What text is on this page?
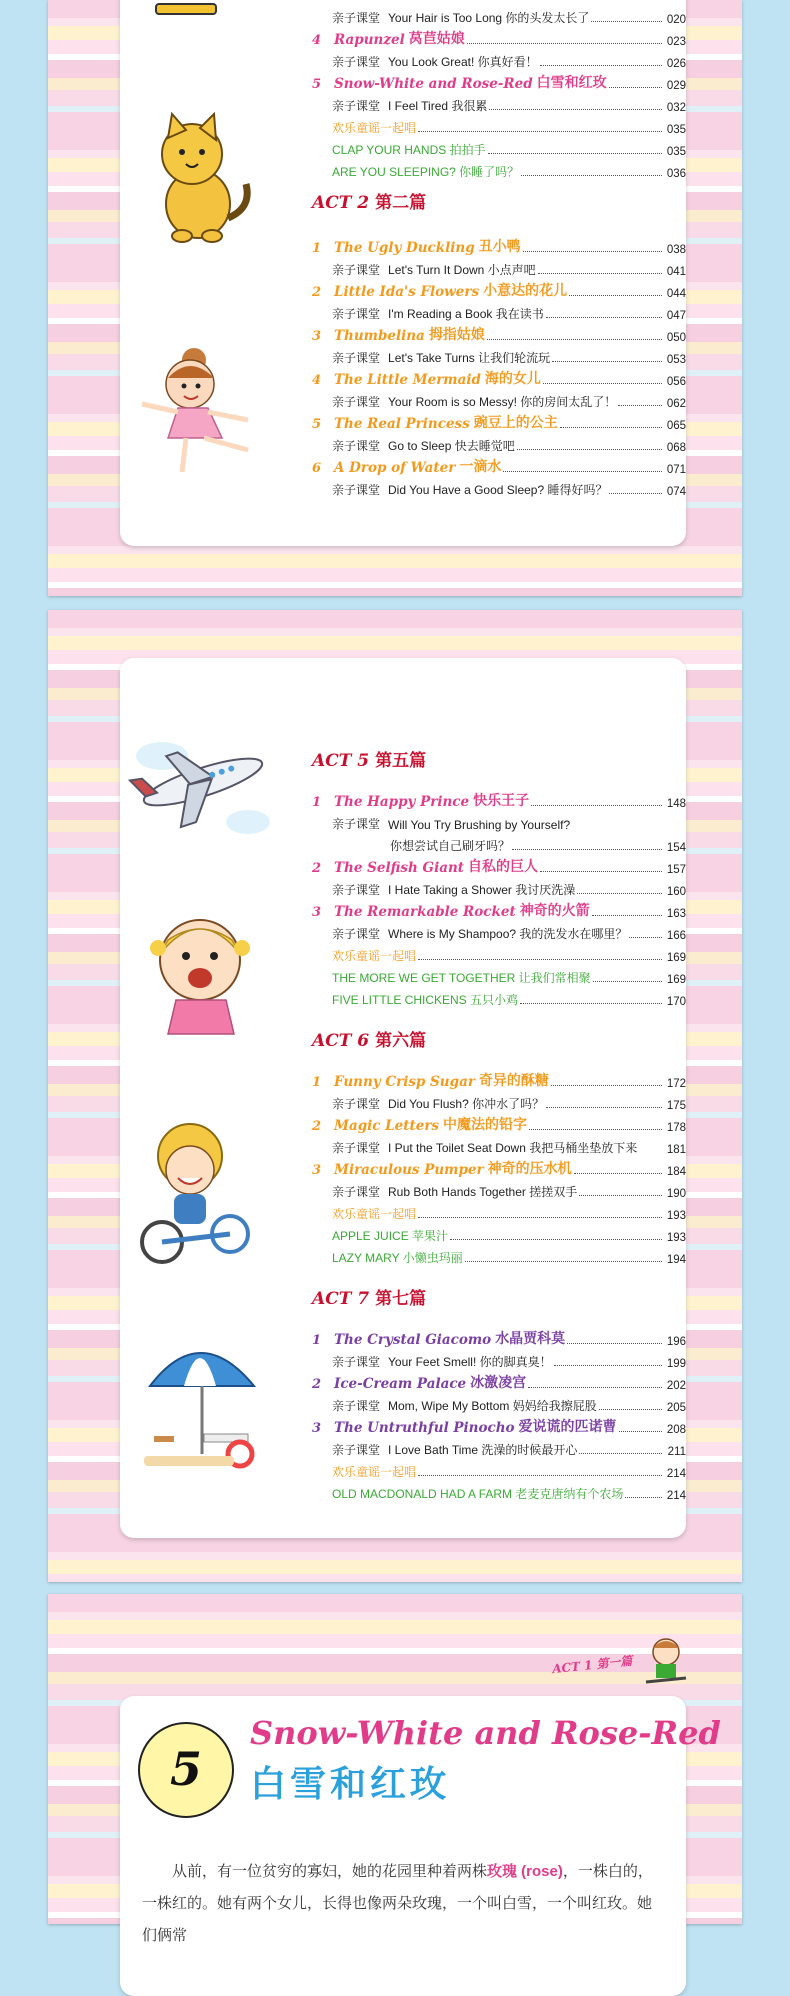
亲子课堂 Your Hair is Too Long 你的头发太长了	020
4 Rapunzel 莴苣姑娘	023
亲子课堂 You Look Great! 你真好看！	026
5 Snow-White and Rose-Red 白雪和红玫	029
亲子课堂 I Feel Tired 我很累	032
欢乐童谣一起唱	035
CLAP YOUR HANDS 拍拍手	035
ARE YOU SLEEPING? 你睡了吗？	036
ACT 2 第二篇
1 The Ugly Duckling 丑小鸭	038
亲子课堂 Let's Turn It Down 小点声吧	041
2 Little Ida's Flowers 小意达的花儿	044
亲子课堂 I'm Reading a Book 我在读书	047
3 Thumbelina 拇指姑娘	050
亲子课堂 Let's Take Turns 让我们轮流玩	053
4 The Little Mermaid 海的女儿	056
亲子课堂 Your Room is so Messy! 你的房间太乱了！	062
5 The Real Princess 豌豆上的公主	065
亲子课堂 Go to Sleep 快去睡觉吧	068
6 A Drop of Water 一滴水	071
亲子课堂 Did You Have a Good Sleep? 睡得好吗？	074
ACT 5 第五篇
1 The Happy Prince 快乐王子	148
亲子课堂 Will You Try Brushing by Yourself?
你想尝试自己刷牙吗？	154
2 The Selfish Giant 自私的巨人	157
亲子课堂 I Hate Taking a Shower 我讨厌洗澡	160
3 The Remarkable Rocket 神奇的火箭	163
亲子课堂 Where is My Shampoo? 我的洗发水在哪里？	166
欢乐童谣一起唱	169
THE MORE WE GET TOGETHER 让我们常相聚	169
FIVE LITTLE CHICKENS 五只小鸡	170
ACT 6 第六篇
1 Funny Crisp Sugar 奇异的酥糖	172
亲子课堂 Did You Flush? 你冲水了吗？	175
2 Magic Letters 中魔法的铅字	178
亲子课堂 I Put the Toilet Seat Down 我把马桶坐垫放下来	181
3 Miraculous Pumper 神奇的压水机	184
亲子课堂 Rub Both Hands Together 搓搓双手	190
欢乐童谣一起唱	193
APPLE JUICE 苹果汁	193
LAZY MARY 小懒虫玛丽	194
ACT 7 第七篇
1 The Crystal Giacomo 水晶贾科莫	196
亲子课堂 Your Feet Smell! 你的脚真臭！	199
2 Ice-Cream Palace 冰激凌宫	202
亲子课堂 Mom, Wipe My Bottom 妈妈给我擦屁股	205
3 The Untruthful Pinocho 爱说谎的匹诺曹	208
亲子课堂 I Love Bath Time 洗澡的时候最开心	211
欢乐童谣一起唱	214
OLD MACDONALD HAD A FARM 老麦克唐纳有个农场	214
ACT 1 第一篇
5
Snow-White and Rose-Red
白雪和红玫
从前，有一位贫穷的寡妇，她的花园里种着两株玫瑰 (rose)，一株白的，一株红的。她有两个女儿，长得也像两朵玫瑰，一个叫白雪，一个叫红玫。她们俩常
